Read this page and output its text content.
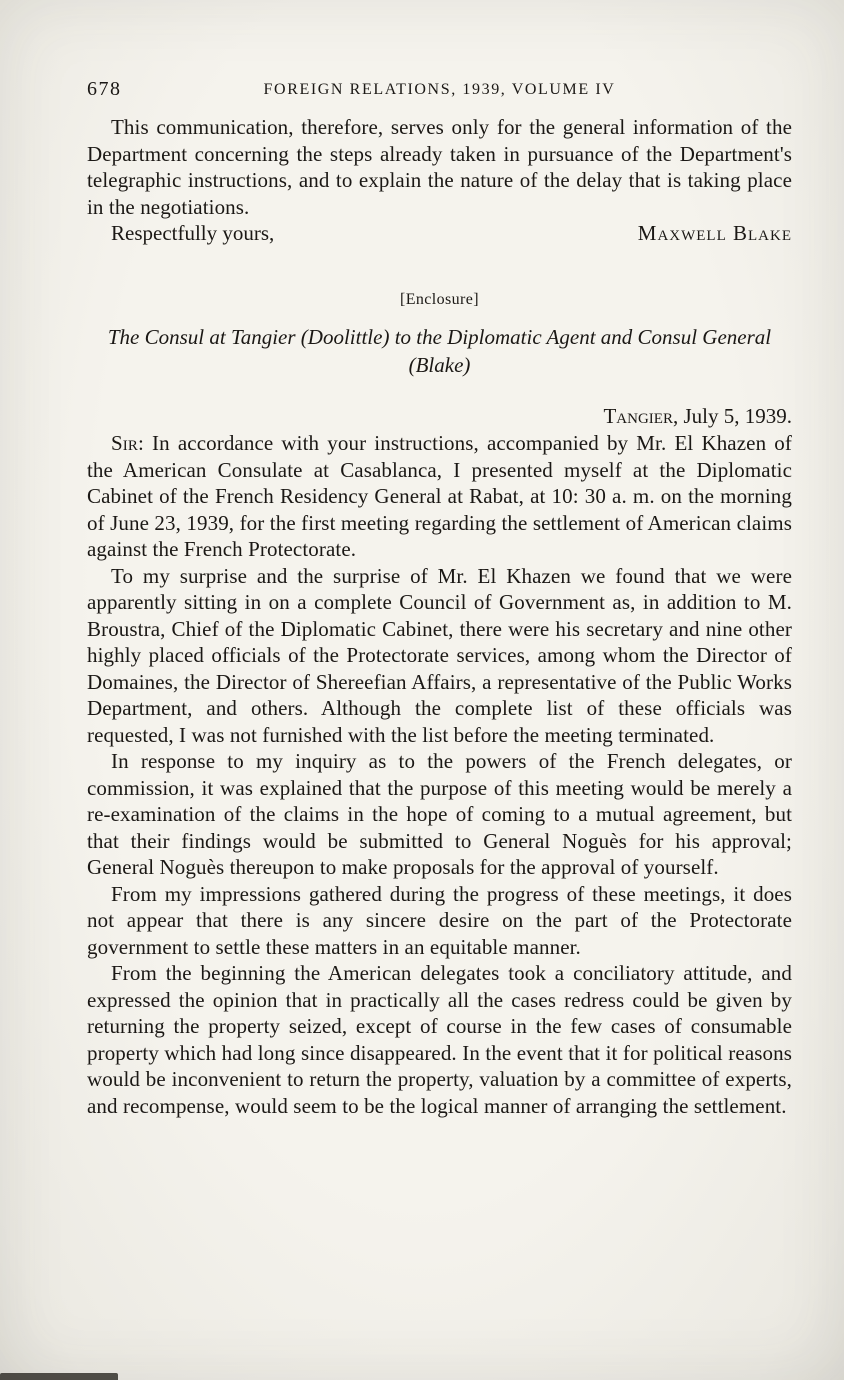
678	FOREIGN RELATIONS, 1939, VOLUME IV

This communication, therefore, serves only for the general information of the Department concerning the steps already taken in pursuance of the Department's telegraphic instructions, and to explain the nature of the delay that is taking place in the negotiations.

Respectfully yours,	Maxwell Blake
[Enclosure]
The Consul at Tangier (Doolittle) to the Diplomatic Agent and Consul General (Blake)
Tangier, July 5, 1939.

Sir: In accordance with your instructions, accompanied by Mr. El Khazen of the American Consulate at Casablanca, I presented myself at the Diplomatic Cabinet of the French Residency General at Rabat, at 10: 30 a. m. on the morning of June 23, 1939, for the first meeting regarding the settlement of American claims against the French Protectorate.

To my surprise and the surprise of Mr. El Khazen we found that we were apparently sitting in on a complete Council of Government as, in addition to M. Broustra, Chief of the Diplomatic Cabinet, there were his secretary and nine other highly placed officials of the Protectorate services, among whom the Director of Domaines, the Director of Shereefian Affairs, a representative of the Public Works Department, and others. Although the complete list of these officials was requested, I was not furnished with the list before the meeting terminated.

In response to my inquiry as to the powers of the French delegates, or commission, it was explained that the purpose of this meeting would be merely a re-examination of the claims in the hope of coming to a mutual agreement, but that their findings would be submitted to General Noguès for his approval; General Noguès thereupon to make proposals for the approval of yourself.

From my impressions gathered during the progress of these meetings, it does not appear that there is any sincere desire on the part of the Protectorate government to settle these matters in an equitable manner.

From the beginning the American delegates took a conciliatory attitude, and expressed the opinion that in practically all the cases redress could be given by returning the property seized, except of course in the few cases of consumable property which had long since disappeared. In the event that it for political reasons would be inconvenient to return the property, valuation by a committee of experts, and recompense, would seem to be the logical manner of arranging the settlement.
